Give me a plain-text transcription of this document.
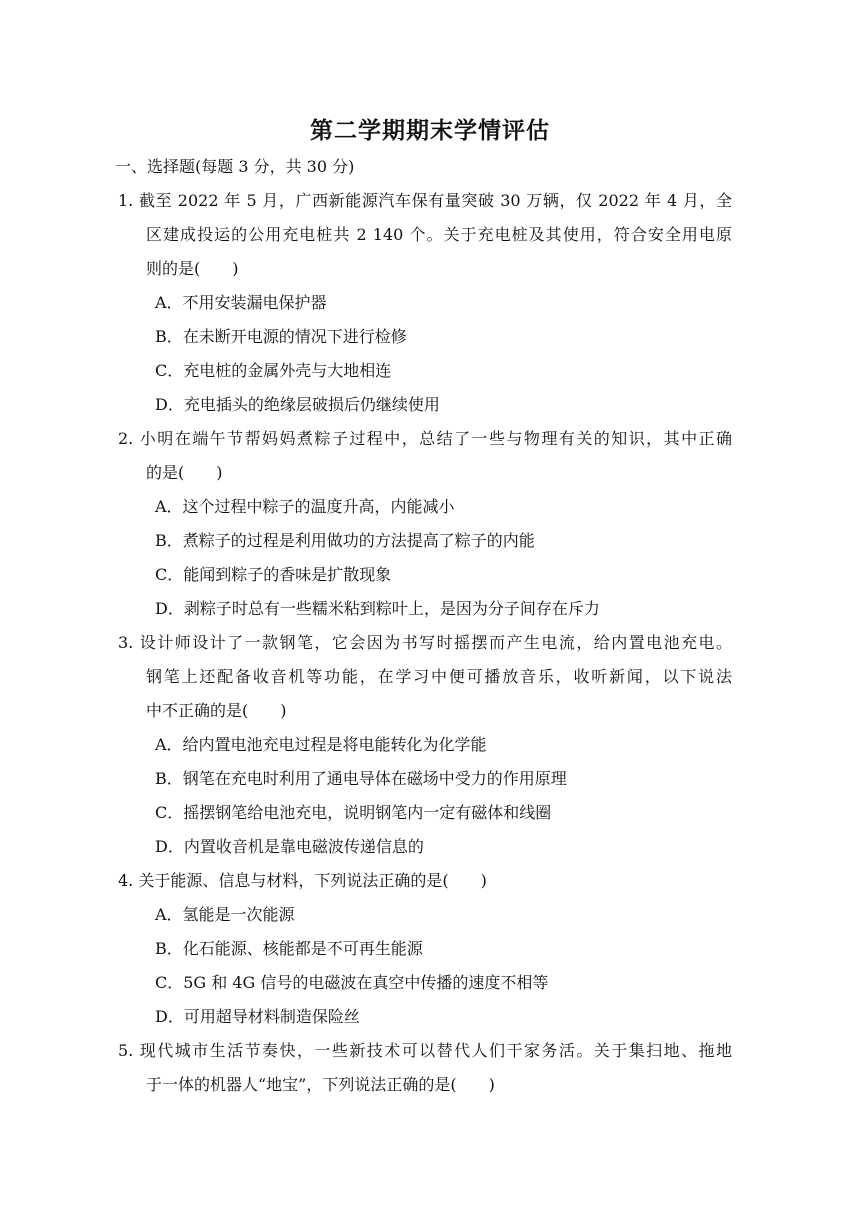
第二学期期末学情评估
一、选择题(每题 3 分，共 30 分)
1. 截至 2022 年 5 月，广西新能源汽车保有量突破 30 万辆，仅 2022 年 4 月，全
区建成投运的公用充电桩共 2 140 个。关于充电桩及其使用，符合安全用电原
则的是(　　)
A．不用安装漏电保护器
B．在未断开电源的情况下进行检修
C．充电桩的金属外壳与大地相连
D．充电插头的绝缘层破损后仍继续使用
2. 小明在端午节帮妈妈煮粽子过程中，总结了一些与物理有关的知识，其中正确
的是(　　)
A．这个过程中粽子的温度升高，内能减小
B．煮粽子的过程是利用做功的方法提高了粽子的内能
C．能闻到粽子的香味是扩散现象
D．剥粽子时总有一些糯米粘到粽叶上，是因为分子间存在斥力
3. 设计师设计了一款钢笔，它会因为书写时摇摆而产生电流，给内置电池充电。
钢笔上还配备收音机等功能，在学习中便可播放音乐，收听新闻，以下说法
中不正确的是(　　)
A．给内置电池充电过程是将电能转化为化学能
B．钢笔在充电时利用了通电导体在磁场中受力的作用原理
C．摇摆钢笔给电池充电，说明钢笔内一定有磁体和线圈
D．内置收音机是靠电磁波传递信息的
4. 关于能源、信息与材料，下列说法正确的是(　　)
A．氢能是一次能源
B．化石能源、核能都是不可再生能源
C．5G 和 4G 信号的电磁波在真空中传播的速度不相等
D．可用超导材料制造保险丝
5. 现代城市生活节奏快，一些新技术可以替代人们干家务活。关于集扫地、拖地
于一体的机器人“地宝”，下列说法正确的是(　　)
